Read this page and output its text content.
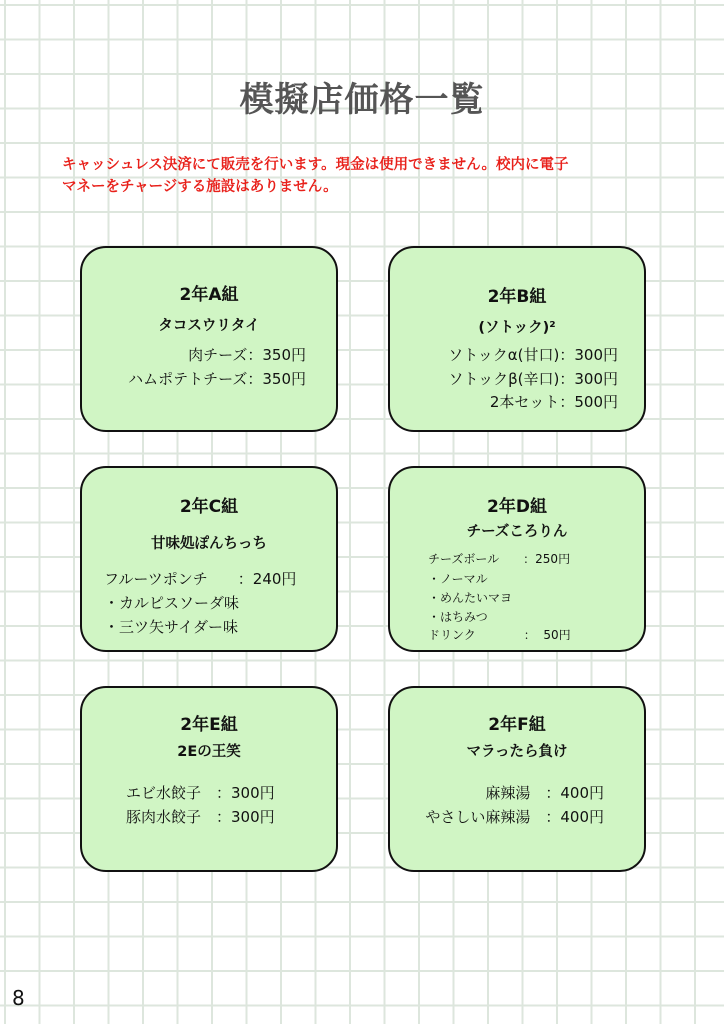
模擬店価格一覧
キャッシュレス決済にて販売を行います。現金は使用できません。校内に電子
マネーをチャージする施設はありません。
2年A組
タコスウリタイ
肉チーズ：350円
ハムポテトチーズ：350円
2年B組
(ソトック)²
ソトックα(甘口)：300円
ソトックβ(辛口)：300円
2本セット：500円
2年C組
甘味処ぽんちっち
フルーツポンチ　　：240円
・カルピスソーダ味
・三ツ矢サイダー味
2年D組
チーズころりん
チーズボール　　：250円
・ノーマル
・めんたいマヨ
・はちみつ
ドリンク　　　　：  50円
2年E組
2Eの王笑
エビ水餃子　：300円
豚肉水餃子　：300円
2年F組
マラったら負け
麻辣湯　：400円
やさしい麻辣湯　：400円
8
